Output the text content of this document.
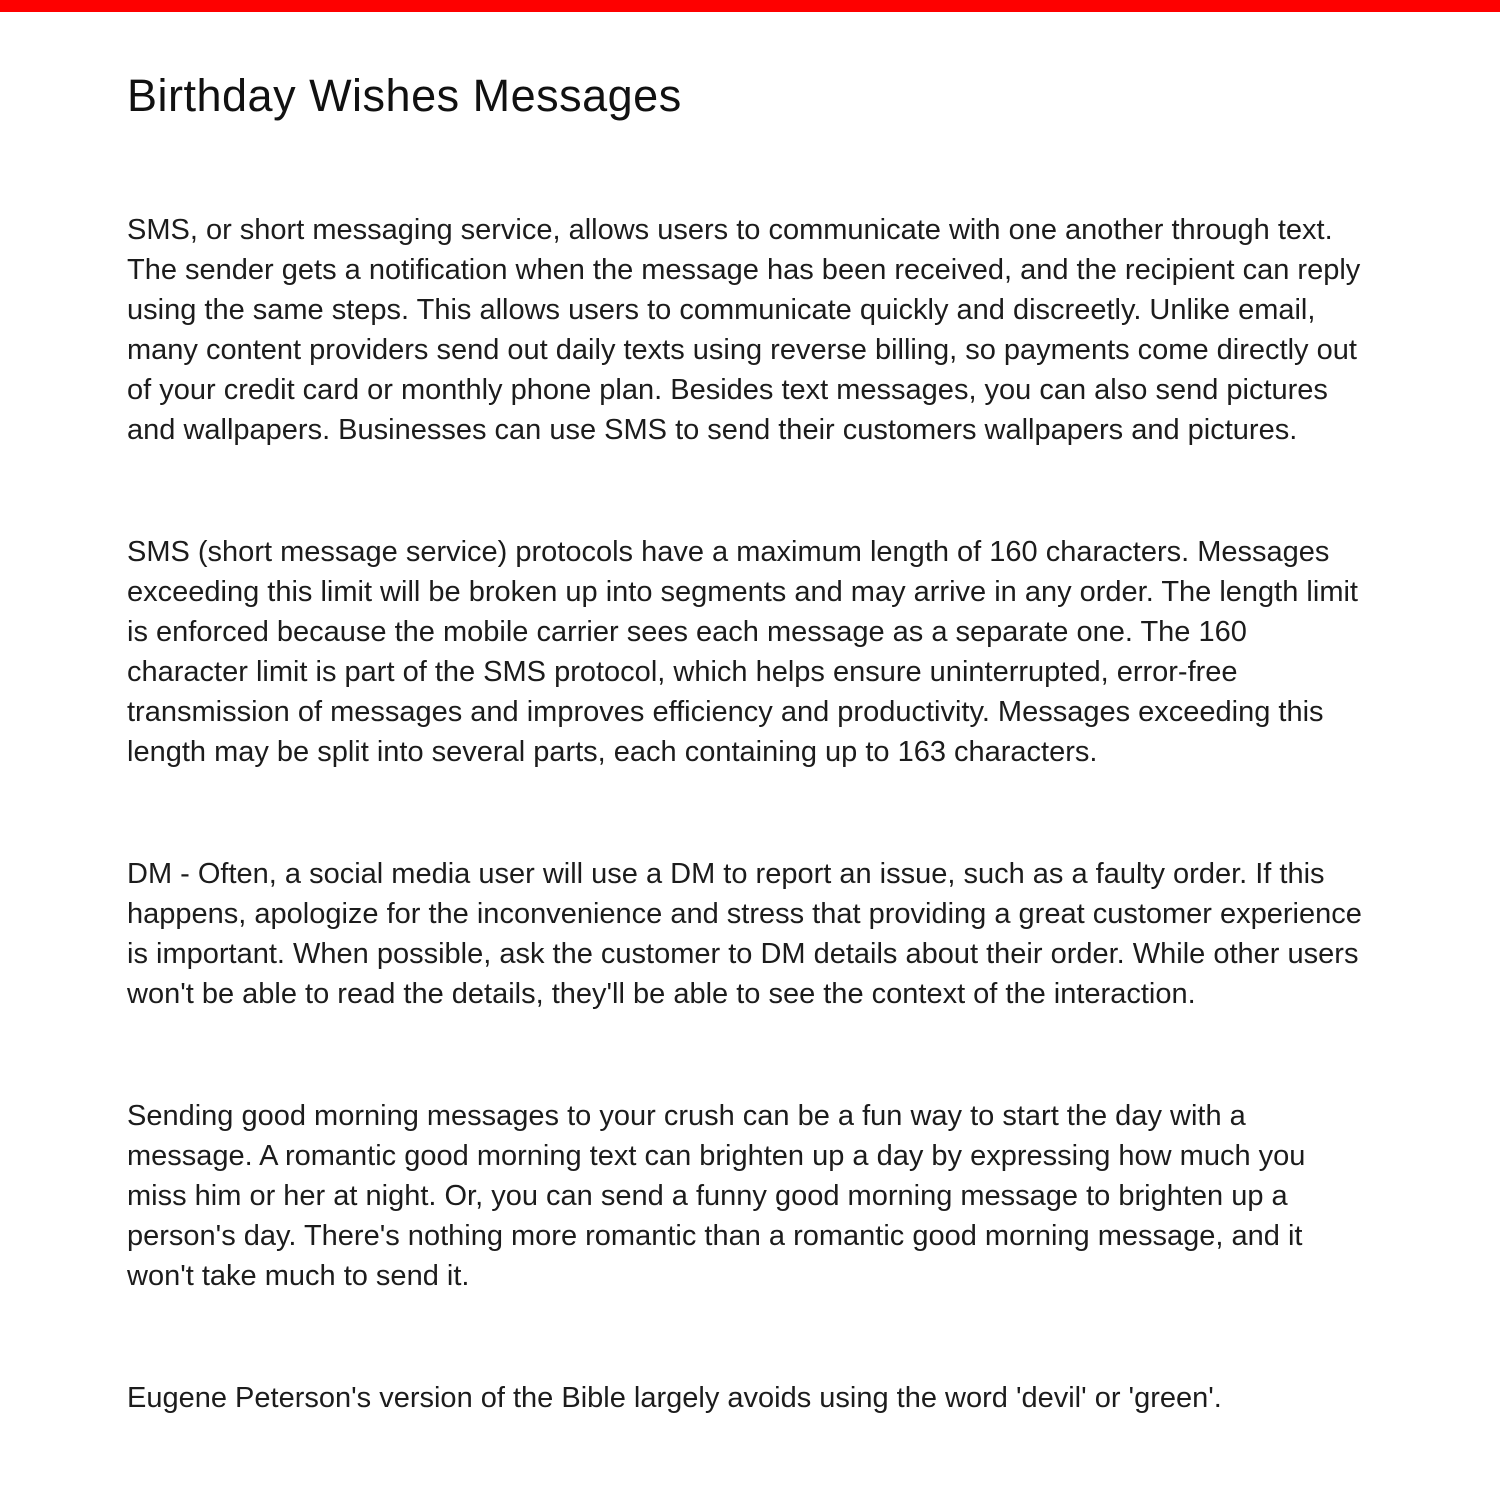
Birthday Wishes Messages

SMS, or short messaging service, allows users to communicate with one another through text. The sender gets a notification when the message has been received, and the recipient can reply using the same steps. This allows users to communicate quickly and discreetly. Unlike email, many content providers send out daily texts using reverse billing, so payments come directly out of your credit card or monthly phone plan. Besides text messages, you can also send pictures and wallpapers. Businesses can use SMS to send their customers wallpapers and pictures.

SMS (short message service) protocols have a maximum length of 160 characters. Messages exceeding this limit will be broken up into segments and may arrive in any order. The length limit is enforced because the mobile carrier sees each message as a separate one. The 160 character limit is part of the SMS protocol, which helps ensure uninterrupted, error-free transmission of messages and improves efficiency and productivity. Messages exceeding this length may be split into several parts, each containing up to 163 characters.

DM - Often, a social media user will use a DM to report an issue, such as a faulty order. If this happens, apologize for the inconvenience and stress that providing a great customer experience is important. When possible, ask the customer to DM details about their order. While other users won't be able to read the details, they'll be able to see the context of the interaction.

Sending good morning messages to your crush can be a fun way to start the day with a message. A romantic good morning text can brighten up a day by expressing how much you miss him or her at night. Or, you can send a funny good morning message to brighten up a person's day. There's nothing more romantic than a romantic good morning message, and it won't take much to send it.

Eugene Peterson's version of the Bible largely avoids using the word 'devil' or 'green'.
